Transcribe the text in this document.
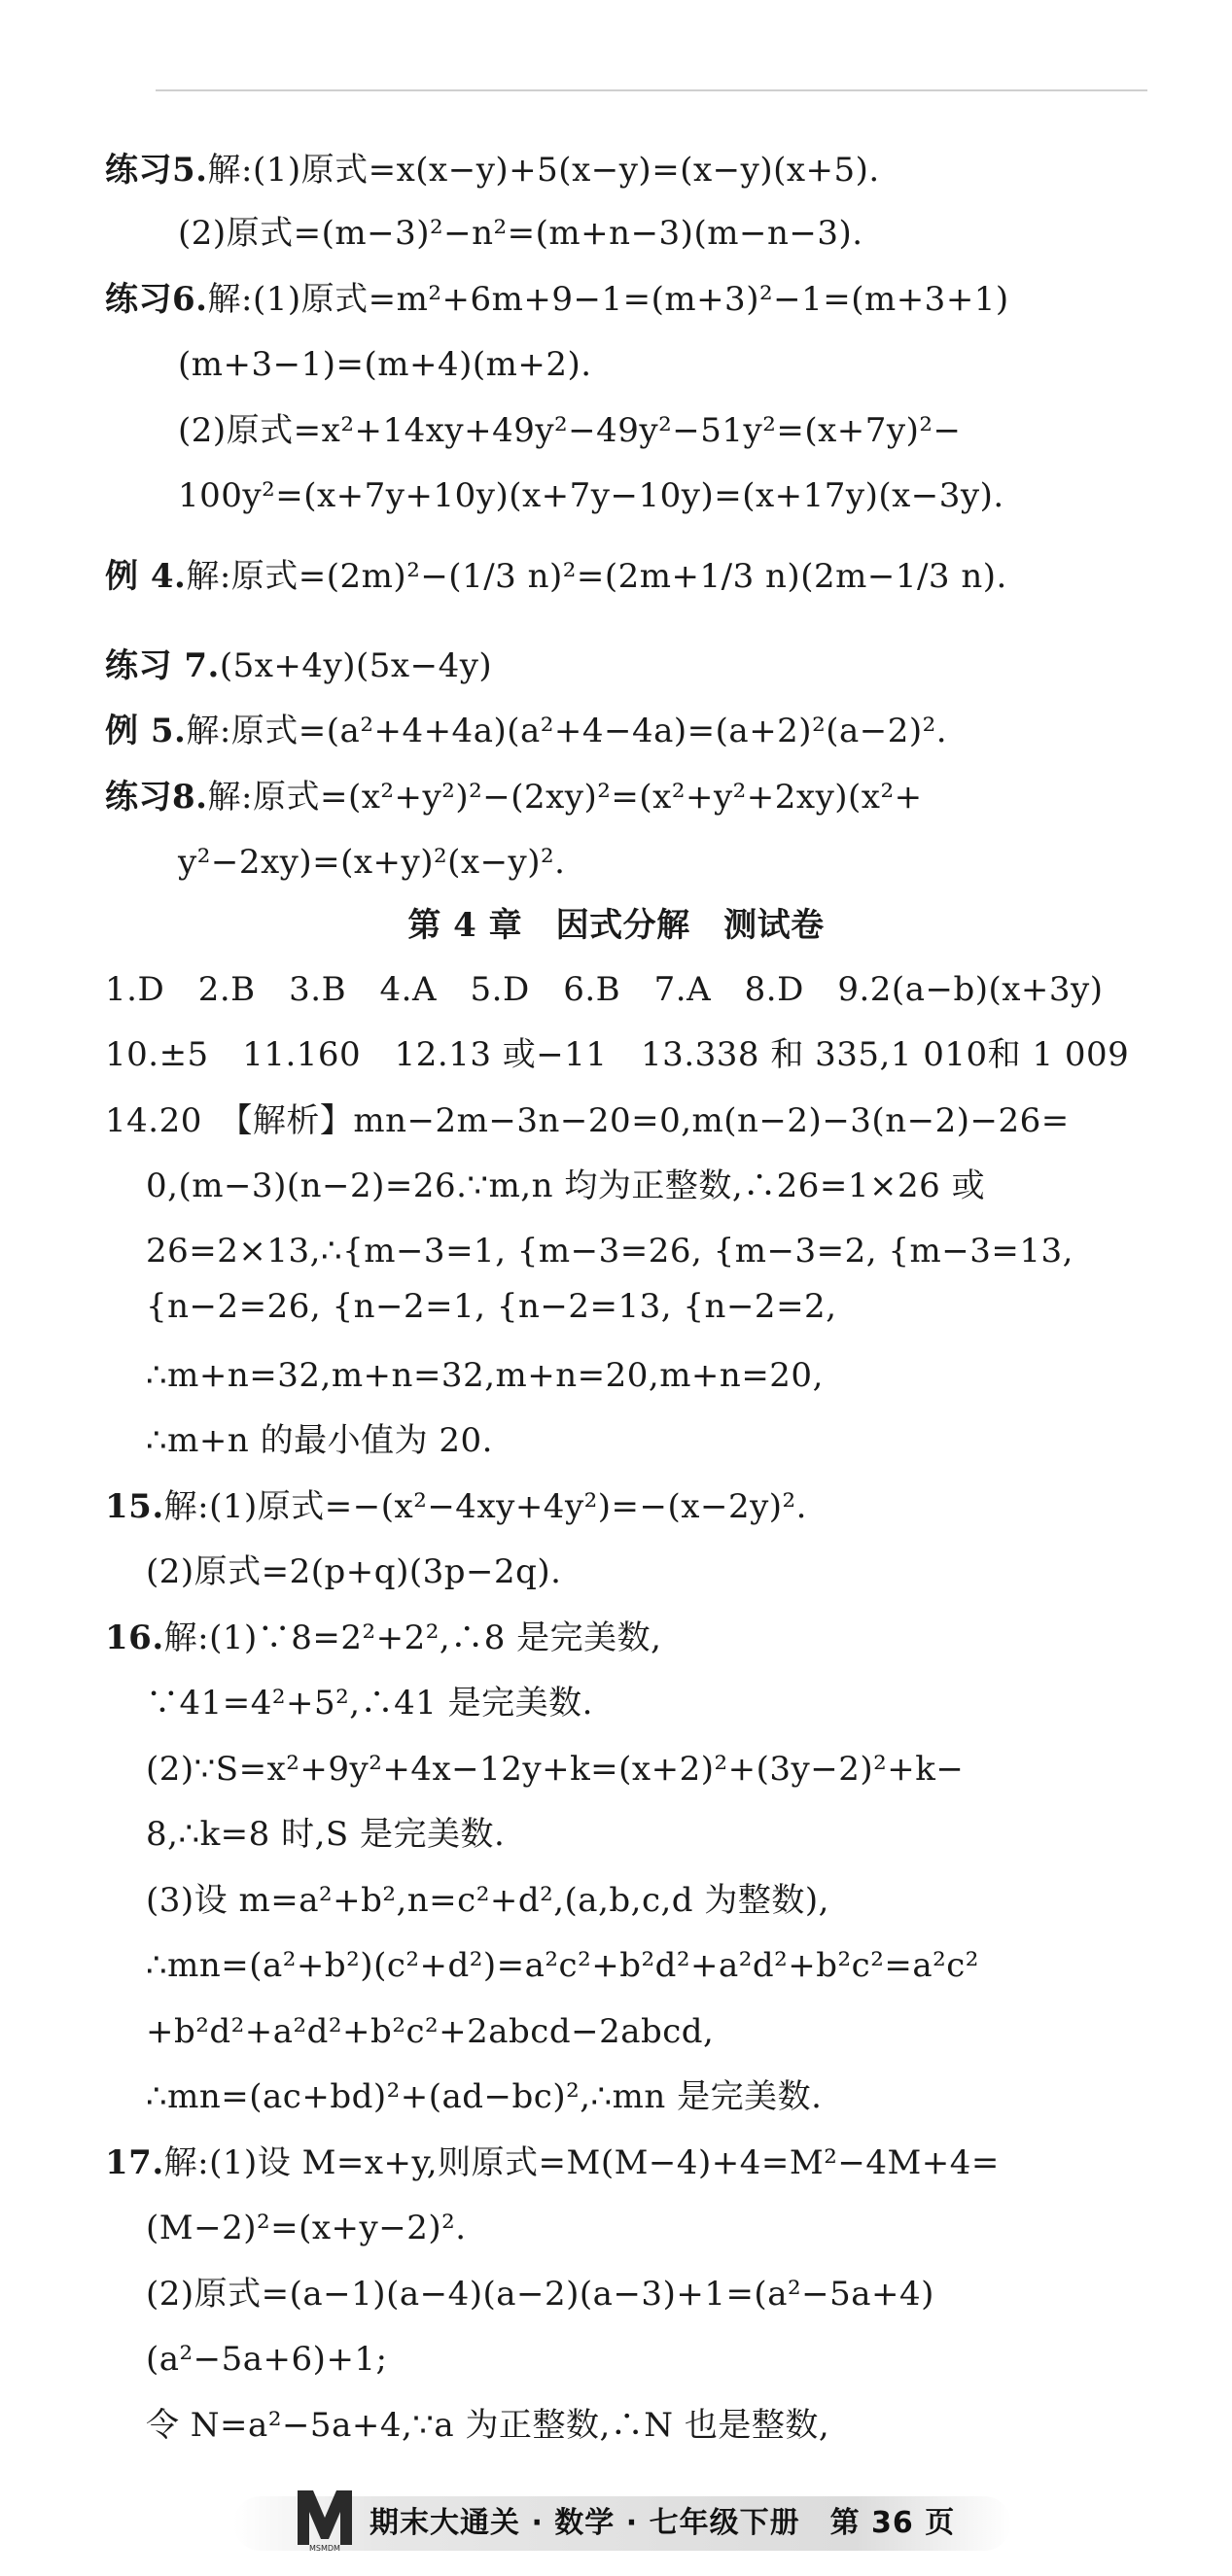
练习5.解:(1)原式=x(x−y)+5(x−y)=(x−y)(x+5).
(2)原式=(m−3)²−n²=(m+n−3)(m−n−3).
练习6.解:(1)原式=m²+6m+9−1=(m+3)²−1=(m+3+1)
(m+3−1)=(m+4)(m+2).
(2)原式=x²+14xy+49y²−49y²−51y²=(x+7y)²−
100y²=(x+7y+10y)(x+7y−10y)=(x+17y)(x−3y).
例 4.解:原式=(2m)²−(1/3 n)²=(2m+1/3 n)(2m−1/3 n).
练习 7.(5x+4y)(5x−4y)
例 5.解:原式=(a²+4+4a)(a²+4−4a)=(a+2)²(a−2)².
练习8.解:原式=(x²+y²)²−(2xy)²=(x²+y²+2xy)(x²+
y²−2xy)=(x+y)²(x−y)².
第 4 章　因式分解　测试卷
1.D　2.B　3.B　4.A　5.D　6.B　7.A　8.D　9.2(a−b)(x+3y)
10.±5　11.160　12.13 或−11　13.338 和 335,1 010和 1 009
14.20　【解析】mn−2m−3n−20=0,m(n−2)−3(n−2)−26=
0,(m−3)(n−2)=26.∵m,n 均为正整数,∴26=1×26 或
26=2×13,∴{m−3=1, {m−3=26, {m−3=2, {m−3=13,
{n−2=26, {n−2=1, {n−2=13, {n−2=2,
∴m+n=32,m+n=32,m+n=20,m+n=20,
∴m+n 的最小值为 20.
15.解:(1)原式=−(x²−4xy+4y²)=−(x−2y)².
(2)原式=2(p+q)(3p−2q).
16.解:(1)∵8=2²+2²,∴8 是完美数,
∵41=4²+5²,∴41 是完美数.
(2)∵S=x²+9y²+4x−12y+k=(x+2)²+(3y−2)²+k−
8,∴k=8 时,S 是完美数.
(3)设 m=a²+b²,n=c²+d²,(a,b,c,d 为整数),
∴mn=(a²+b²)(c²+d²)=a²c²+b²d²+a²d²+b²c²=a²c²
+b²d²+a²d²+b²c²+2abcd−2abcd,
∴mn=(ac+bd)²+(ad−bc)²,∴mn 是完美数.
17.解:(1)设 M=x+y,则原式=M(M−4)+4=M²−4M+4=
(M−2)²=(x+y−2)².
(2)原式=(a−1)(a−4)(a−2)(a−3)+1=(a²−5a+4)
(a²−5a+6)+1;
令 N=a²−5a+4,∵a 为正整数,∴N 也是整数,
MSMDM
期末大通关 · 数学 · 七年级下册　第 36 页
